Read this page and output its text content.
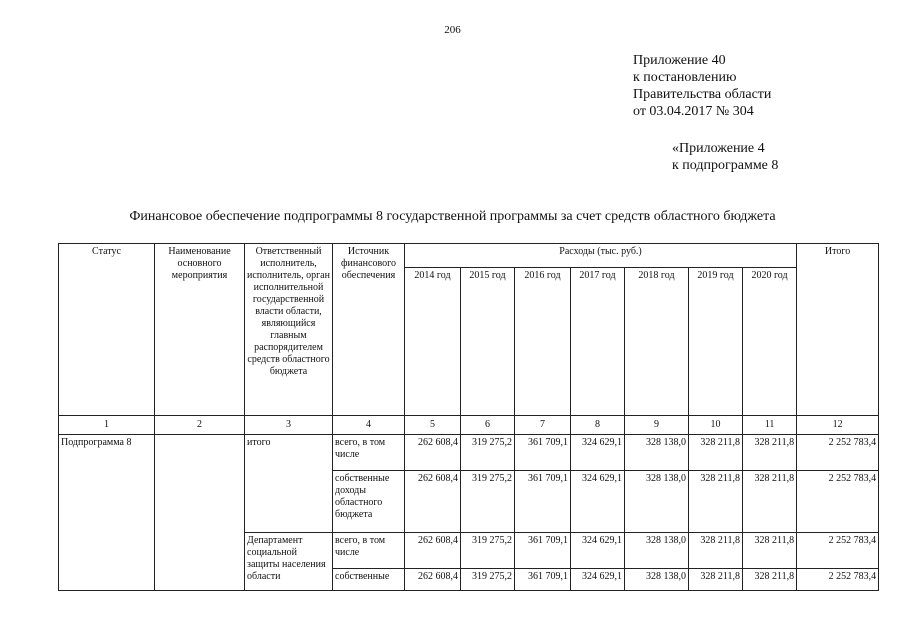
206
Приложение 40
к постановлению
Правительства области
от 03.04.2017 № 304
«Приложение 4
к подпрограмме 8
Финансовое обеспечение подпрограммы 8 государственной программы за счет средств областного бюджета
Статус	Наименование основного мероприятия	Ответственный исполнитель, исполнитель, орган исполнительной государственной власти области, являющийся главным распорядителем средств областного бюджета	Источник финансового обеспечения	Расходы (тыс. руб.)							Итого
				2014 год	2015 год	2016 год	2017 год	2018 год	2019 год	2020 год	
1	2	3	4	5	6	7	8	9	10	11	12
Подпрограмма 8		итого	всего, в том числе	262 608,4	319 275,2	361 709,1	324 629,1	328 138,0	328 211,8	328 211,8	2 252 783,4
			собственные доходы областного бюджета	262 608,4	319 275,2	361 709,1	324 629,1	328 138,0	328 211,8	328 211,8	2 252 783,4
		Департамент социальной защиты населения области	всего, в том числе	262 608,4	319 275,2	361 709,1	324 629,1	328 138,0	328 211,8	328 211,8	2 252 783,4
			собственные	262 608,4	319 275,2	361 709,1	324 629,1	328 138,0	328 211,8	328 211,8	2 252 783,4
